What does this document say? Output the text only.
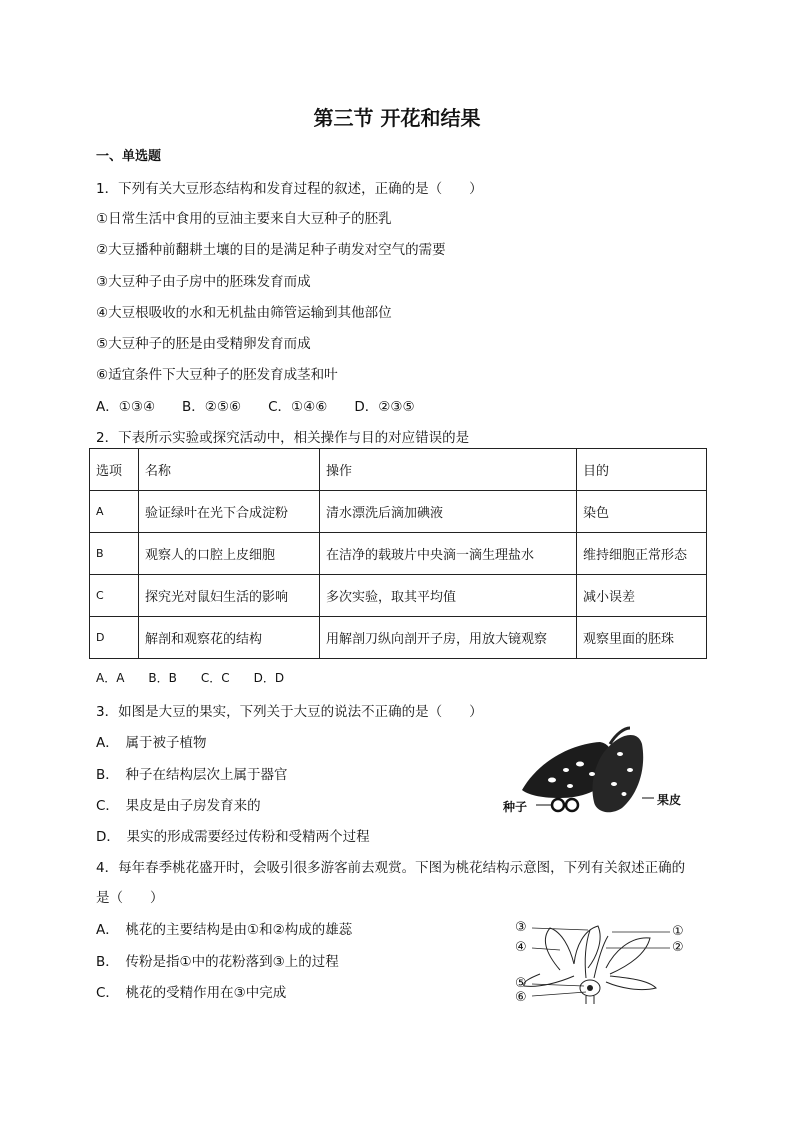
第三节 开花和结果
一、单选题
1．下列有关大豆形态结构和发育过程的叙述，正确的是（　　）
①日常生活中食用的豆油主要来自大豆种子的胚乳
②大豆播种前翻耕土壤的目的是满足种子萌发对空气的需要
③大豆种子由子房中的胚珠发育而成
④大豆根吸收的水和无机盐由筛管运输到其他部位
⑤大豆种子的胚是由受精卵发育而成
⑥适宜条件下大豆种子的胚发育成茎和叶
A．①③④　　B．②⑤⑥　　C．①④⑥　　D．②③⑤
2．下表所示实验或探究活动中，相关操作与目的对应错误的是
选项	名称	操作	目的
A	验证绿叶在光下合成淀粉	清水漂洗后滴加碘液	染色
B	观察人的口腔上皮细胞	在洁净的载玻片中央滴一滴生理盐水	维持细胞正常形态
C	探究光对鼠妇生活的影响	多次实验，取其平均值	减小误差
D	解剖和观察花的结构	用解剖刀纵向剖开子房，用放大镜观察	观察里面的胚珠
A．A　　B．B　　C．C　　D．D
3．如图是大豆的果实，下列关于大豆的说法不正确的是（　　）
A．　属于被子植物
B．　种子在结构层次上属于器官
C．　果皮是由子房发育来的
D．　果实的形成需要经过传粉和受精两个过程
种子	果皮
4．每年春季桃花盛开时，会吸引很多游客前去观赏。下图为桃花结构示意图，下列有关叙述正确的
是（　　）
A．　桃花的主要结构是由①和②构成的雄蕊
B．　传粉是指①中的花粉落到③上的过程
C．　桃花的受精作用在③中完成
③	①
④	②
⑤
⑥
